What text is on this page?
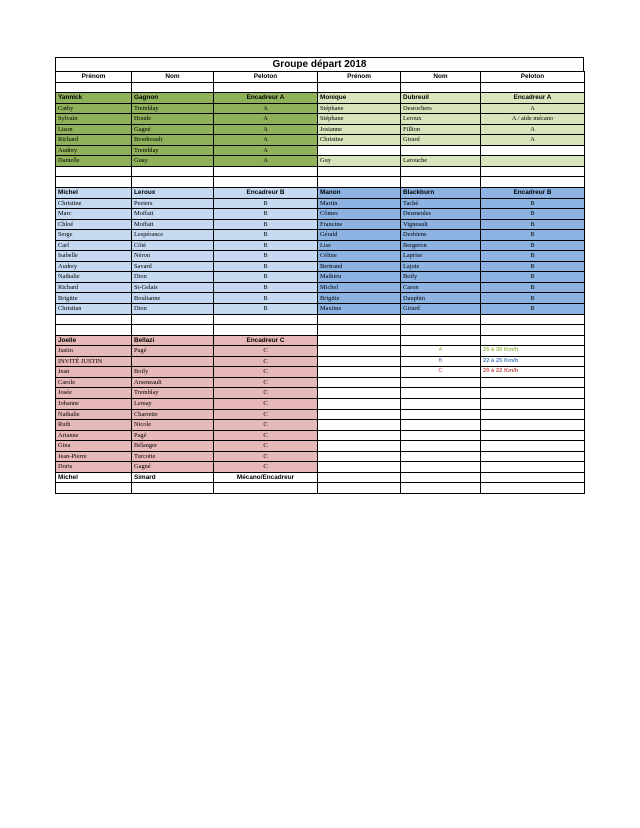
Groupe départ 2018
Prénom	Nom	Peloton	Prénom	Nom	Peloton

Yannick	Gagnon	Encadreur A	Monique	Dubreuil	Encadreur A
Cathy	Tremblay	A	Stéphane	Desrochers	A
Sylvain	Houde	A	Stéphane	Leroux	A / aide mécano
Lison	Gagné	A	Josianne	Fillion	A
Richard	Boudreault	A	Christine	Girard	A
Audrey	Tremblay	A			
Danielle	Guay	A	Guy	Larouche	

Michel	Leroux	Encadreur B	Manon	Blackburn	Encadreur B
Christine	Peeters	B	Martin	Taché	B
Marc	Moffatt	B	Cômes	Desmeules	B
Chloé	Moffatt	B	Francine	Vigneault	B
Serge	Lespérance	B	Gérald	Desbiens	B
Carl	Côté	B	Lise	Bergeron	B
Isabelle	Néron	B	Céline	Laprise	B
Audrey	Savard	B	Bertrand	Lajoie	B
Nathalie	Dion	B	Mathieu	Boily	B
Richard	St-Gelais	B	Michel	Caron	B
Brigitte	Boulianne	B	Brigitte	Dauphin	B
Christian	Dion	B	Maxime	Girard	B

Joelle	Bellazi	Encadreur C			
Justin	Pagé	C		A	25 à 30 Km/h
INVITÉ JUSTIN		C		B	22 à 25 Km/h
Jean	Boily	C		C	20 à 22 Km/h
Carole	Arseneault	C			
Josée	Tremblay	C			
Johanne	Lemay	C			
Nathalie	Charrette	C			
Ruth	Nicole	C			
Arianne	Pagé	C			
Gina	Bélanger	C			
Jean-Pierre	Turcotte	C			
Doris	Gagné	C			
Michel	Simard	Mécano/Encadreur			
